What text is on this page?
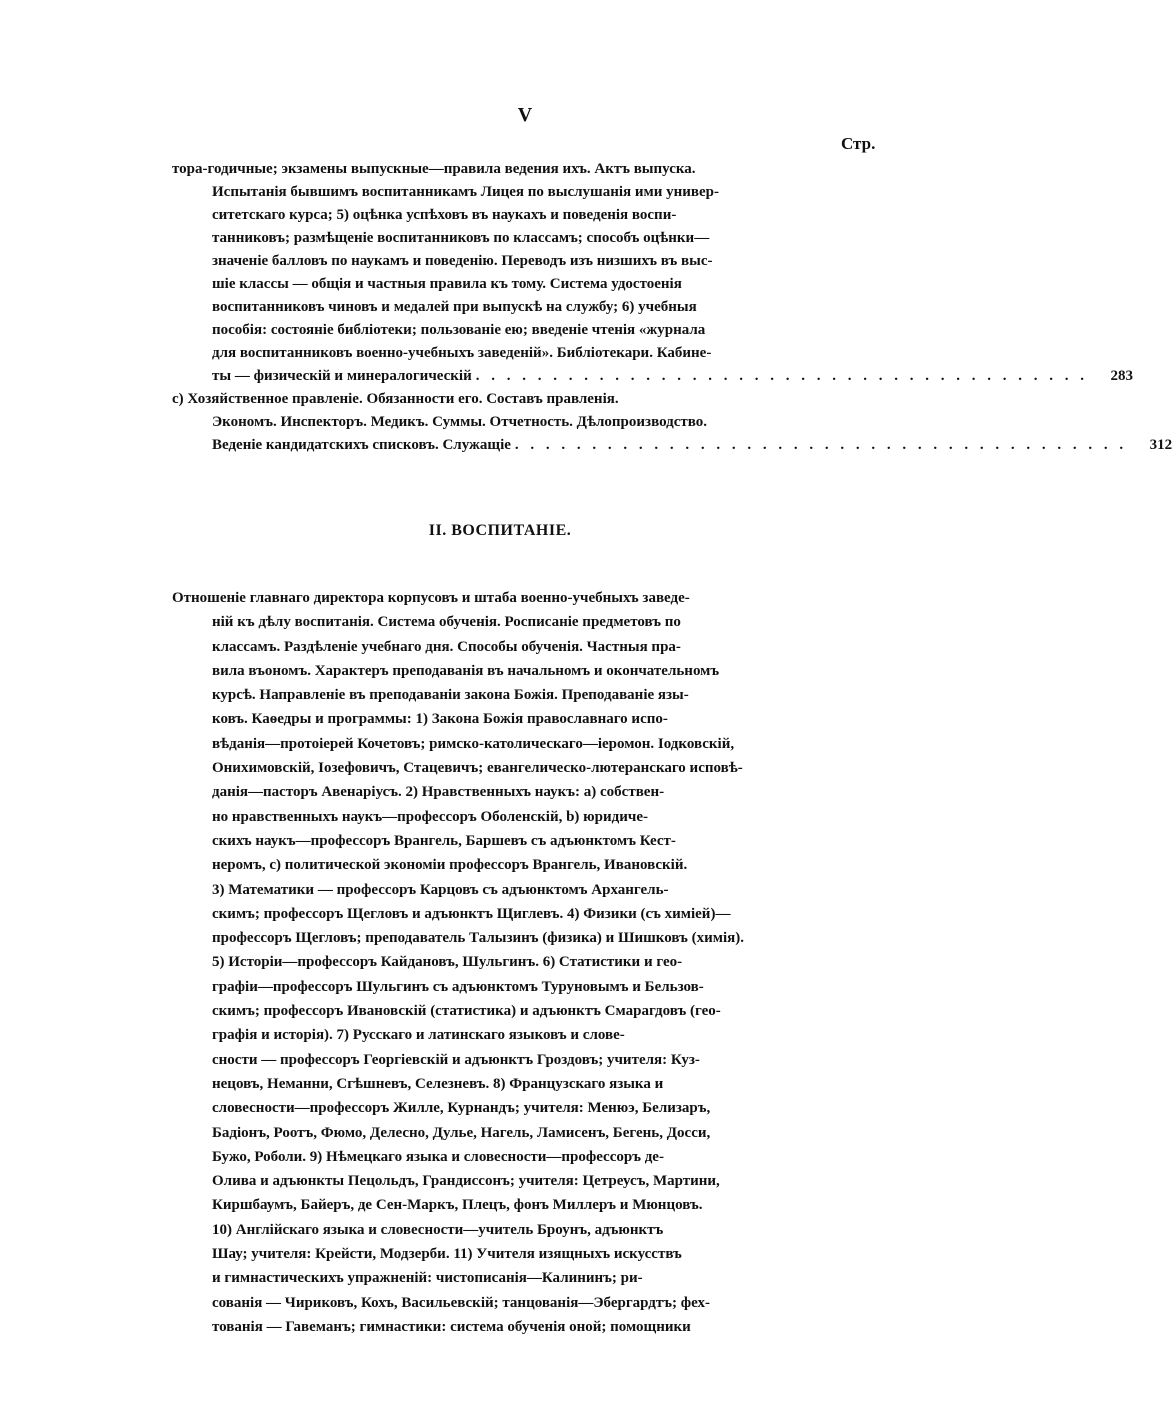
V
Стр.
тора-годичные; экзамены выпускные—правила ведения ихъ. Актъ выпуска.
Испытанія бывшимъ воспитанникамъ Лицея по выслушанія ими универ-
ситетскаго курса; 5) оцѣнка успѣховъ въ наукахъ и поведенія воспи-
танниковъ; размѣщеніе воспитанниковъ по классамъ; способъ оцѣнки—
значеніе балловъ по наукамъ и поведенію. Переводъ изъ низшихъ въ выс-
шіе классы — общія и частныя правила къ тому. Система удостоенія
воспитанниковъ чиновъ и медалей при выпускѣ на службу; 6) учебныя
пособія: состояніе библіотеки; пользованіе ею; введеніе чтенія «журнала
для воспитанниковъ военно-учебныхъ заведеній». Библіотекари. Кабине-
ты — физическій и минералогическій . . . . . . . . . . . . . . . . . . . . . . . . . . . . . . . . . . . . . . . .	283
c) Хозяйственное правленіе. Обязанности его. Составъ правленія.
Экономъ. Инспекторъ. Медикъ. Суммы. Отчетность. Дѣлопроизводство.
Веденіе кандидатскихъ списковъ. Служащіе . . . . . . . . . . . . . . . . . . . . . . . . . . . . . . . . . . . . . . . .	312
II. ВОСПИТАНІЕ.
Отношеніе главнаго директора корпусовъ и штаба военно-учебныхъ заведе-
ній къ дѣлу воспитанія. Система обученія. Росписаніе предметовъ по
классамъ. Раздѣленіе учебнаго дня. Способы обученія. Частныя пра-
вила въономъ. Характеръ преподаванія въ начальномъ и окончательномъ
курсѣ. Направленіе въ преподаваніи закона Божія. Преподаваніе язы-
ковъ. Каѳедры и программы: 1) Закона Божія православнаго испо-
вѣданія—протоіерей Кочетовъ; римско-католическаго—іеромон. Іодковскій,
Онихимовскій, Іозефовичъ, Стацевичъ; евангелическо-лютеранскаго исповѣ-
данія—пасторъ Авенаріусъ. 2) Нравственныхъ наукъ: а) собствен-
но нравственныхъ наукъ—профессоръ Оболенскій, b) юридиче-
скихъ наукъ—профессоръ Врангель, Баршевъ съ адъюнктомъ Кест-
неромъ, с) политической экономіи профессоръ Врангель, Ивановскій.
3) Математики — профессоръ Карцовъ съ адъюнктомъ Архангель-
скимъ; профессоръ Щегловъ и адъюнктъ Щиглевъ. 4) Физики (съ химіей)—
профессоръ Щегловъ; преподаватель Талызинъ (физика) и Шишковъ (химія).
5) Исторіи—профессоръ Кайдановъ, Шульгинъ. 6) Статистики и гео-
графіи—профессоръ Шульгинъ съ адъюнктомъ Туруновымъ и Бельзов-
скимъ; профессоръ Ивановскій (статистика) и адъюнктъ Смарагдовъ (гео-
графія и исторія). 7) Русскаго и латинскаго языковъ и слове-
сности — профессоръ Георгіевскій и адъюнктъ Гроздовъ; учителя: Куз-
нецовъ, Неманни, Сгѣшневъ, Селезневъ. 8) Французскаго языка и
словесности—профессоръ Жилле, Курнандъ; учителя: Менюэ, Белизаръ,
Бадіонъ, Роотъ, Фюмо, Делесно, Дульe, Нагель, Ламисенъ, Бегень, Досси,
Бужо, Роболи. 9) Нѣмецкаго языка и словесности—профессоръ де-
Олива и адъюнкты Пецольдъ, Грандиссонъ; учителя: Цетреусъ, Мартини,
Киршбаумъ, Байеръ, де Сен-Маркъ, Плецъ, фонъ Миллеръ и Мюнцовъ.
10) Англійскаго языка и словесности—учитель Броунъ, адъюнктъ
Шау; учителя: Крейсти, Модзерби. 11) Учителя изящныхъ искусствъ
и гимнастическихъ упражненій: чистописанія—Калининъ; ри-
сованія — Чириковъ, Кохъ, Васильевскій; танцованія—Эбергардтъ; фех-
тованія — Гавеманъ; гимнастики: система обученія оной; помощники
